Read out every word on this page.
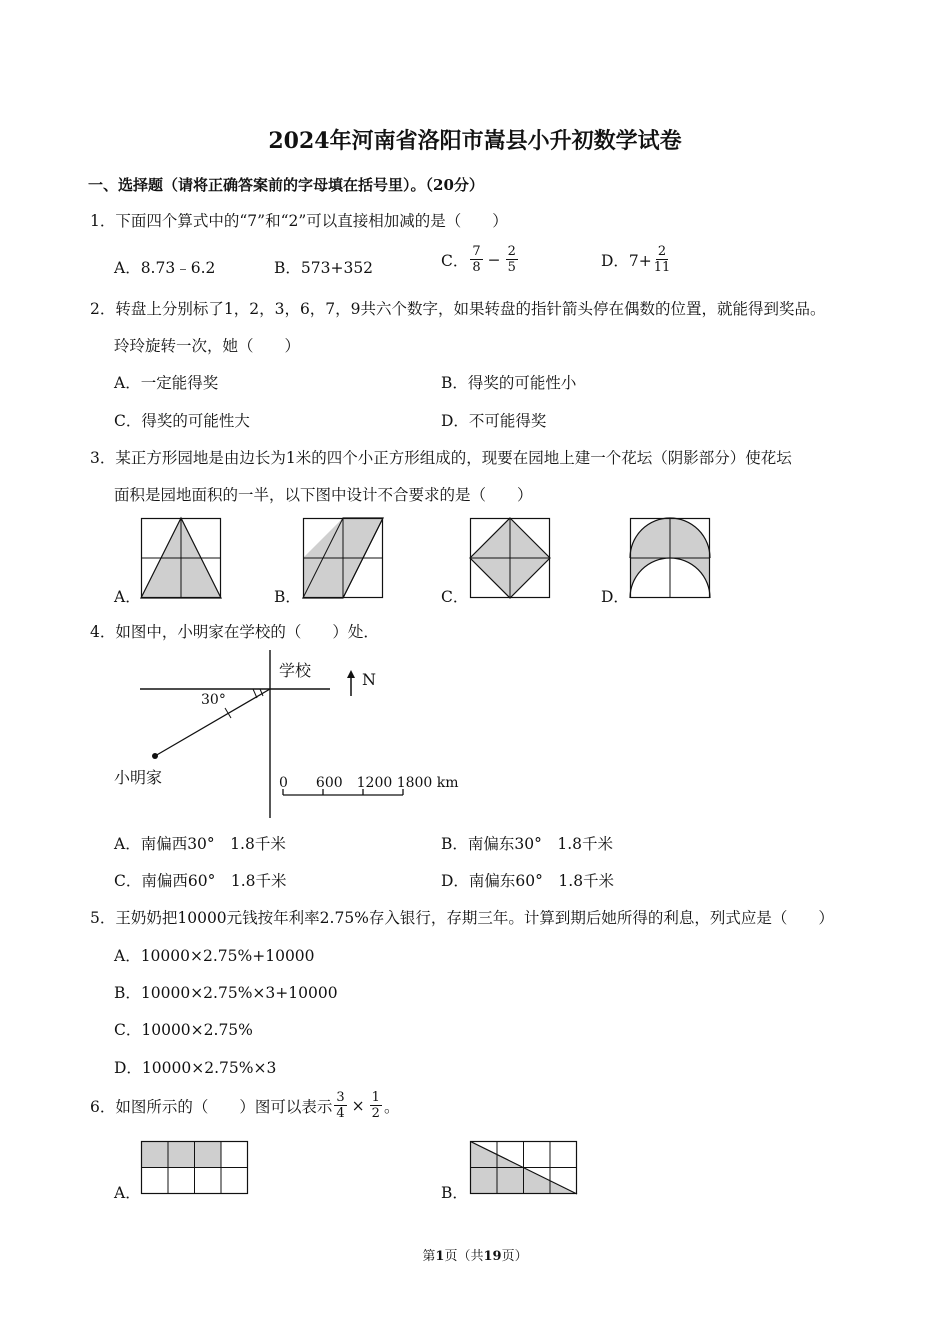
2024年河南省洛阳市嵩县小升初数学试卷
一、选择题（请将正确答案前的字母填在括号里）。（20分）
1．下面四个算式中的“7”和“2”可以直接相加减的是（　　）
A．8.73﹣6.2	B．573+352	C． $\frac{7}{8} - \frac{2}{5}$	D．$7+ \frac{2}{11}$
2．转盘上分别标了1，2，3，6，7，9共六个数字，如果转盘的指针箭头停在偶数的位置，就能得到奖品。
玲玲旋转一次，她（　　）
A．一定能得奖	B．得奖的可能性小
C．得奖的可能性大	D．不可能得奖
3．某正方形园地是由边长为1米的四个小正方形组成的，现要在园地上建一个花坛（阴影部分）使花坛
面积是园地面积的一半，以下图中设计不合要求的是（　　）
A．	B．	C．	D．
4．如图中，小明家在学校的（　　）处．
学校	N
30°
小明家	0　　600　1200 1800 km
A．南偏西30°　1.8千米	B．南偏东30°　1.8千米
C．南偏西60°　1.8千米	D．南偏东60°　1.8千米
5．王奶奶把10000元钱按年利率2.75%存入银行，存期三年。计算到期后她所得的利息，列式应是（　　）
A．10000×2.75%+10000
B．10000×2.75%×3+10000
C．10000×2.75%
D．10000×2.75%×3
6．如图所示的（　　）图可以表示 $\frac{3}{4} \times \frac{1}{2}$ 。
A．	B．
第1页（共19页）
